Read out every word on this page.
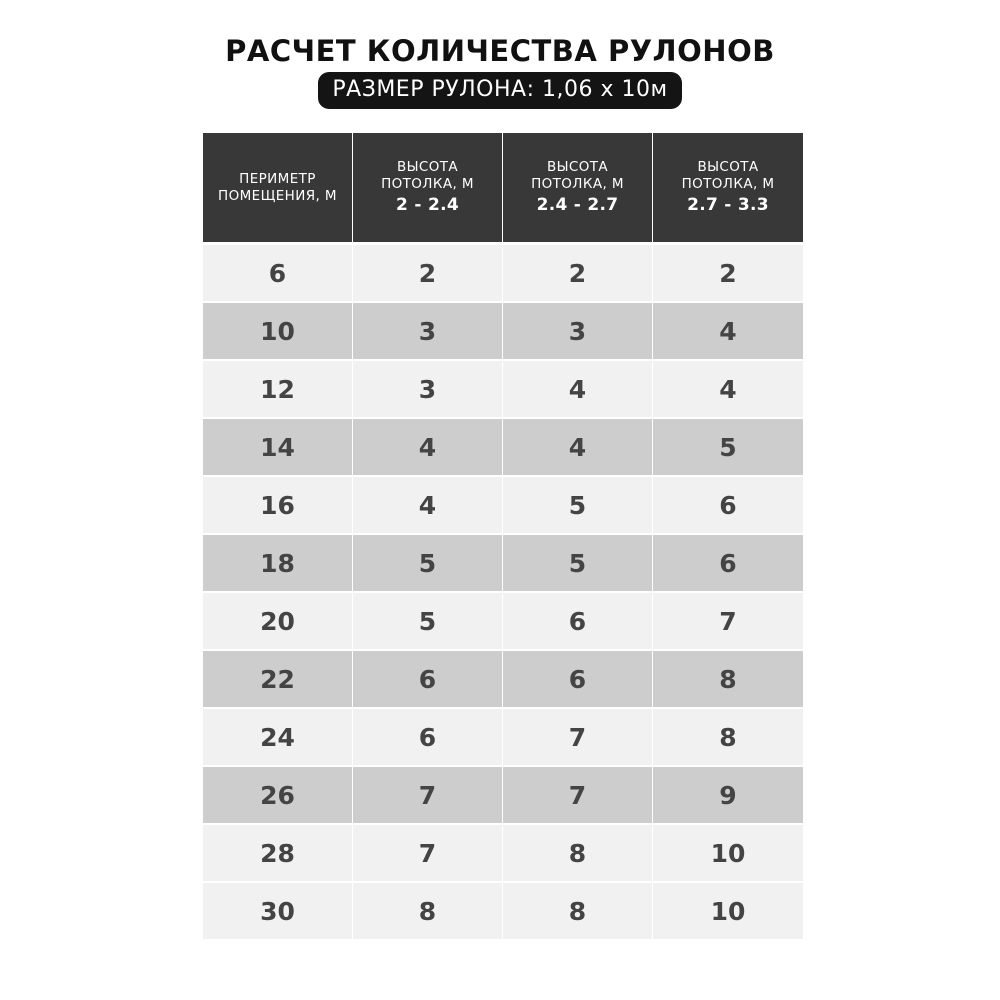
РАСЧЕТ КОЛИЧЕСТВА РУЛОНОВ
РАЗМЕР РУЛОНА: 1,06 х 10м
ПЕРИМЕТР
ПОМЕЩЕНИЯ, М
ВЫСОТА
ПОТОЛКА, М
2 - 2.4
ВЫСОТА
ПОТОЛКА, М
2.4 - 2.7
ВЫСОТА
ПОТОЛКА, М
2.7 - 3.3
6	2	2	2
10	3	3	4
12	3	4	4
14	4	4	5
16	4	5	6
18	5	5	6
20	5	6	7
22	6	6	8
24	6	7	8
26	7	7	9
28	7	8	10
30	8	8	10
